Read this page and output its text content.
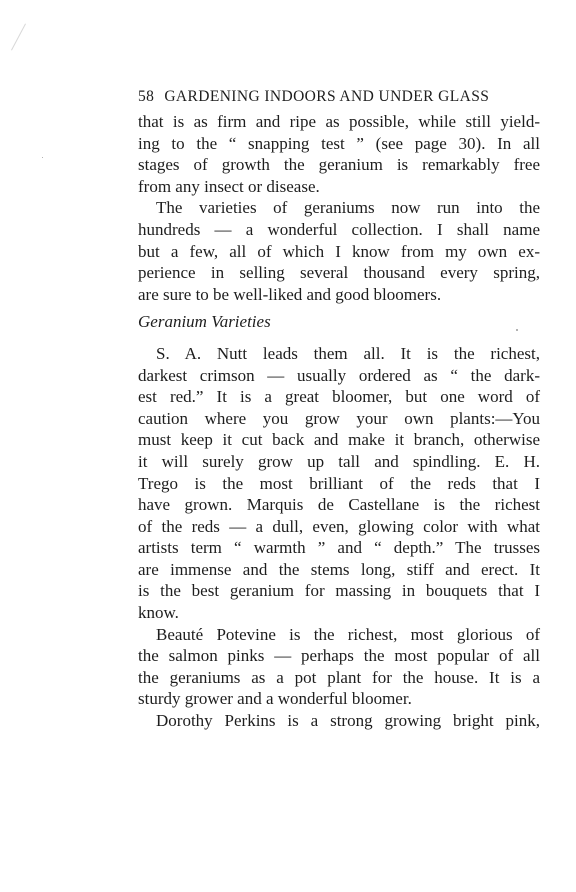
58 GARDENING INDOORS AND UNDER GLASS
that is as firm and ripe as possible, while still yield-
ing to the “ snapping test ” (see page 30). In all
stages of growth the geranium is remarkably free
from any insect or disease.
The varieties of geraniums now run into the
hundreds — a wonderful collection. I shall name
but a few, all of which I know from my own ex-
perience in selling several thousand every spring,
are sure to be well-liked and good bloomers.
Geranium Varieties
S. A. Nutt leads them all. It is the richest,
darkest crimson — usually ordered as “ the dark-
est red.” It is a great bloomer, but one word of
caution where you grow your own plants:—You
must keep it cut back and make it branch, otherwise
it will surely grow up tall and spindling. E. H.
Trego is the most brilliant of the reds that I
have grown. Marquis de Castellane is the richest
of the reds — a dull, even, glowing color with what
artists term “ warmth ” and “ depth.” The trusses
are immense and the stems long, stiff and erect. It
is the best geranium for massing in bouquets that I
know.
Beauté Potevine is the richest, most glorious of
the salmon pinks — perhaps the most popular of all
the geraniums as a pot plant for the house. It is a
sturdy grower and a wonderful bloomer.
Dorothy Perkins is a strong growing bright pink,
